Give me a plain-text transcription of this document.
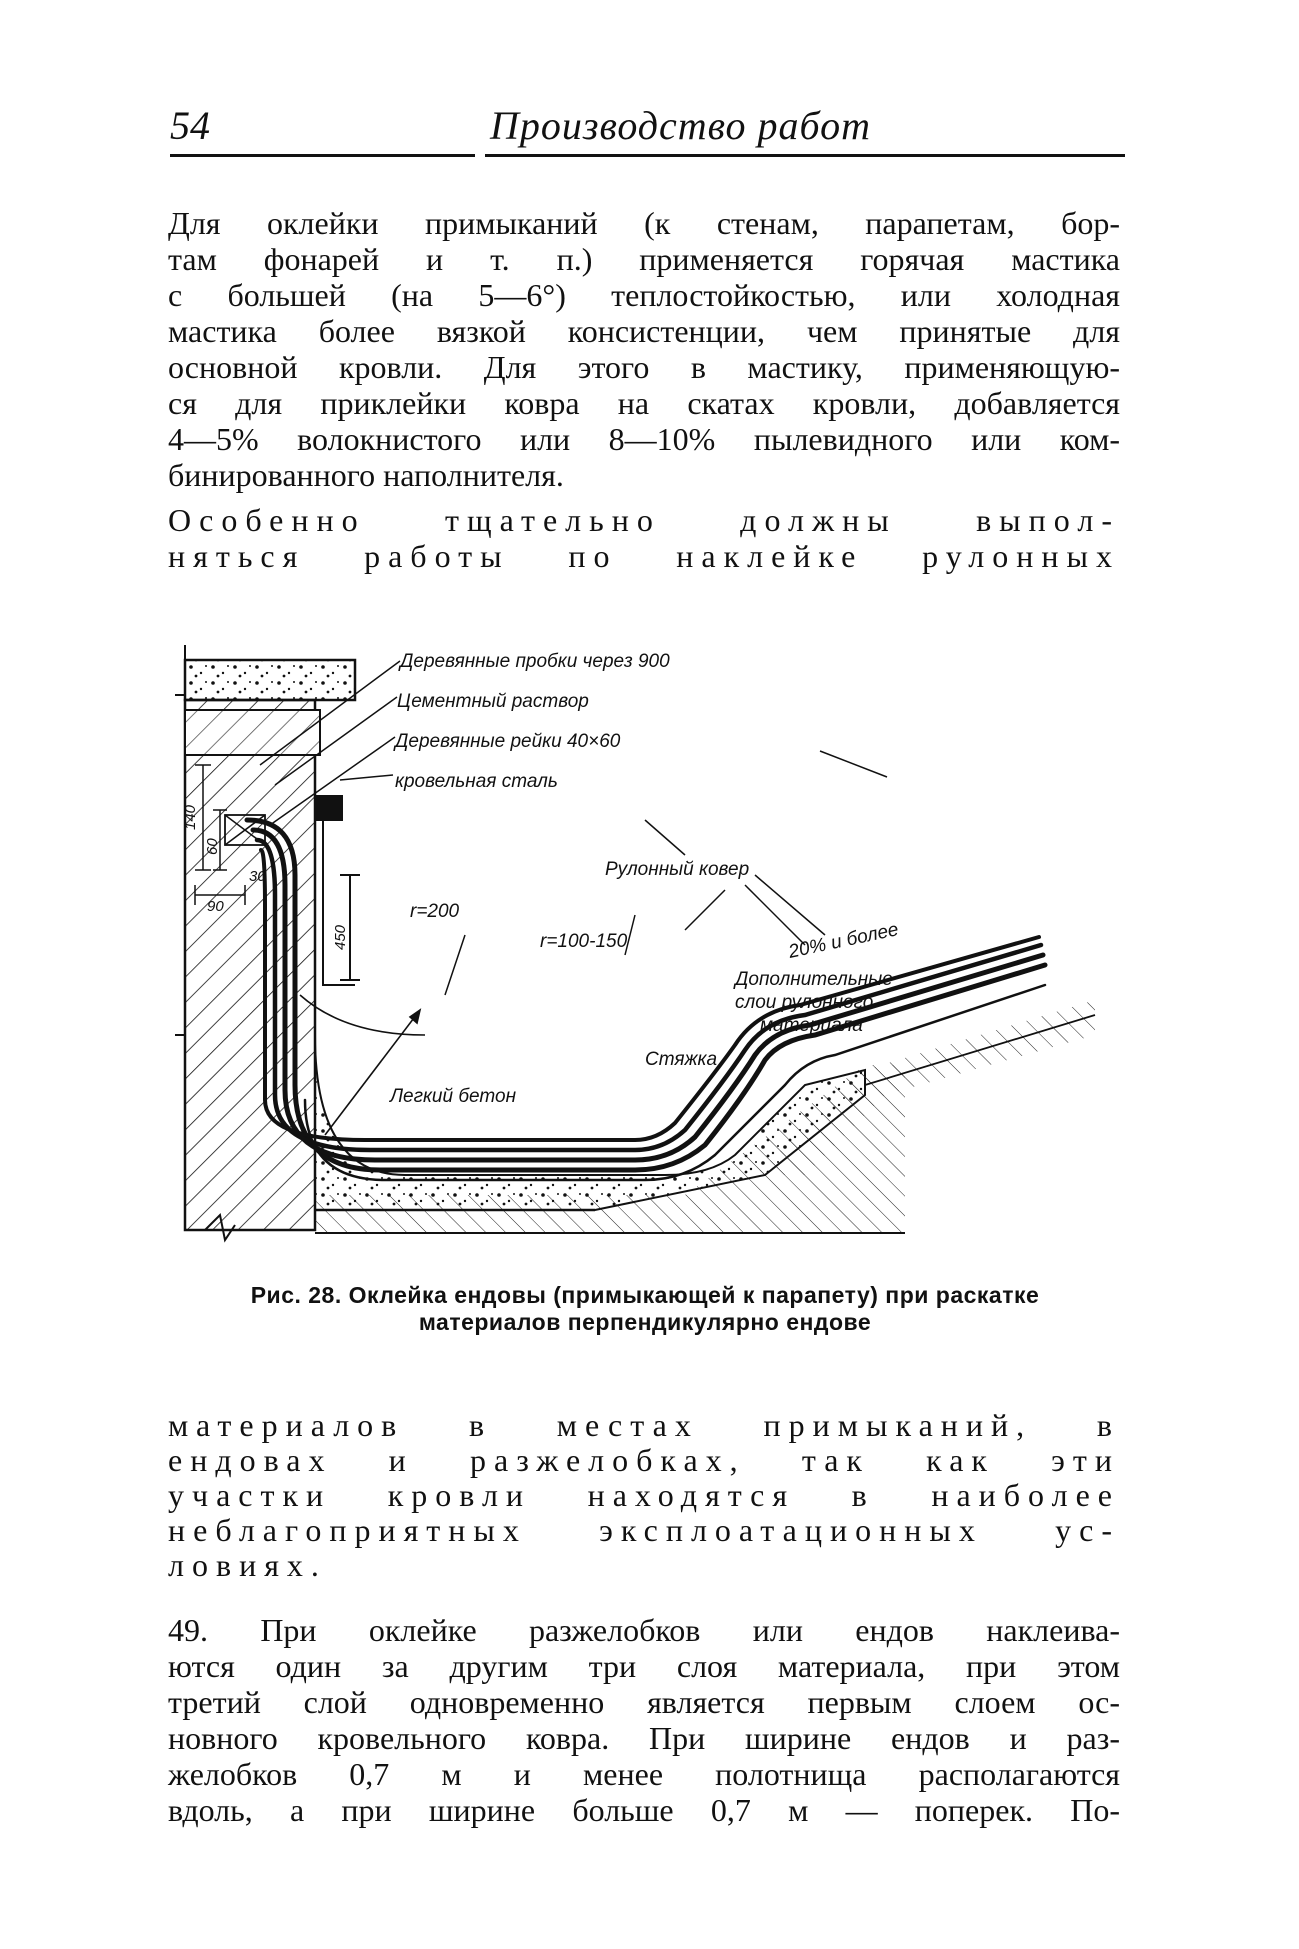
54	Производство работ
Для оклейки примыканий (к стенам, парапетам, бор-
там фонарей и т. п.) применяется горячая мастика
с большей (на 5—6°) теплостойкостью, или холодная
мастика более вязкой консистенции, чем принятые для
основной кровли. Для этого в мастику, применяющую-
ся для приклейки ковра на скатах кровли, добавляется
4—5% волокнистого или 8—10% пылевидного или ком-
бинированного наполнителя.
Особенно тщательно должны выпол-
няться работы по наклейке рулонных
Деревянные пробки через 900
Цементный раствор
Деревянные рейки 40×60
кровельная сталь
Рулонный ковер
r=200
r=100-150	20% и более
Дополнительные
слои рулонного
материала
Стяжка
Легкий бетон
140
60
30
90
450
Рис. 28. Оклейка ендовы (примыкающей к парапету) при раскатке
материалов перпендикулярно ендове
материалов в местах примыканий, в
ендовах и разжелобках, так как эти
участки кровли находятся в наиболее
неблагоприятных эксплоатационных ус-
ловиях.
49. При оклейке разжелобков или ендов наклеива-
ются один за другим три слоя материала, при этом
третий слой одновременно является первым слоем ос-
новного кровельного ковра. При ширине ендов и раз-
желобков 0,7 м и менее полотнища располагаются
вдоль, а при ширине больше 0,7 м — поперек. По-
